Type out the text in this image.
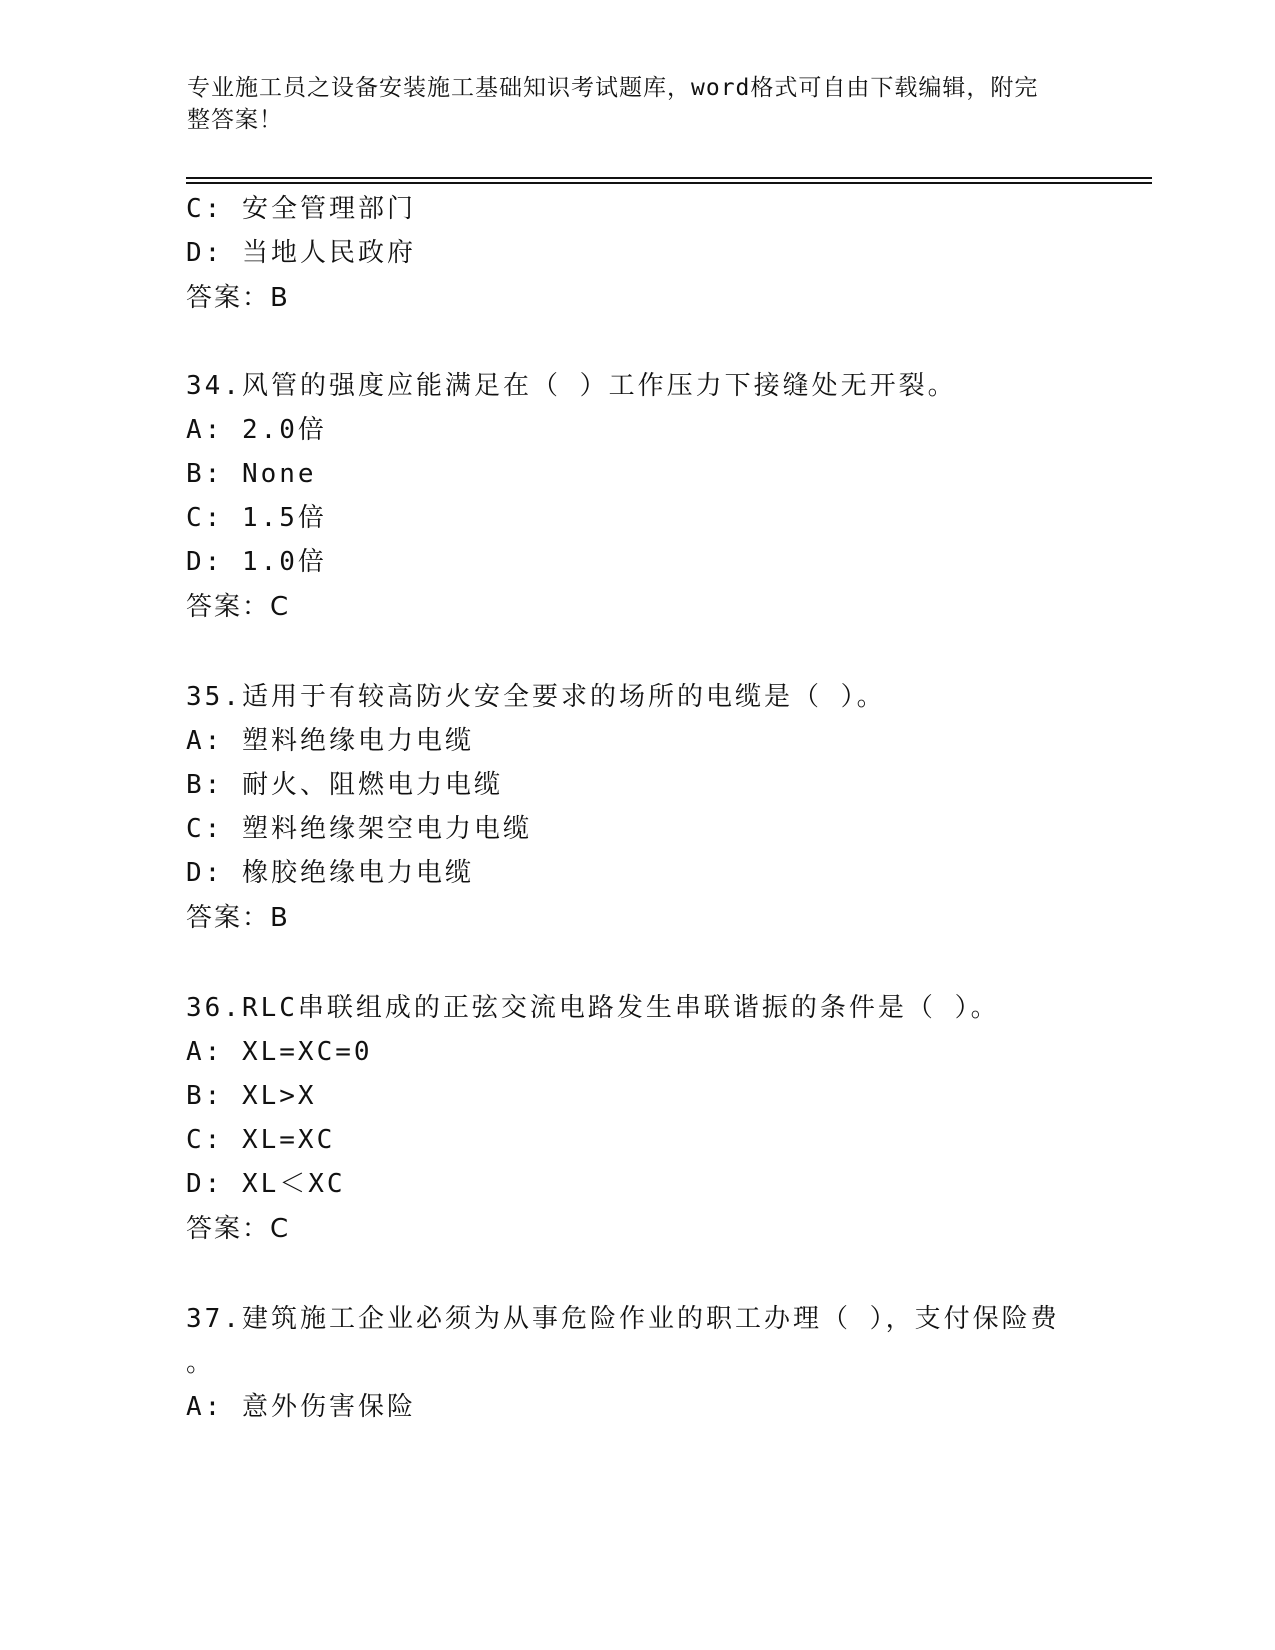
专业施工员之设备安装施工基础知识考试题库，word格式可自由下载编辑，附完
整答案！
C: 安全管理部门
D: 当地人民政府
答案：B
34.风管的强度应能满足在（ ）工作压力下接缝处无开裂。
A: 2.0倍
B: None
C: 1.5倍
D: 1.0倍
答案：C
35.适用于有较高防火安全要求的场所的电缆是（ ）。
A: 塑料绝缘电力电缆
B: 耐火、阻燃电力电缆
C: 塑料绝缘架空电力电缆
D: 橡胶绝缘电力电缆
答案：B
36.RLC串联组成的正弦交流电路发生串联谐振的条件是（ ）。
A: XL=XC=0
B: XL>X
C: XL=XC
D: XL＜XC
答案：C
37.建筑施工企业必须为从事危险作业的职工办理（ ），支付保险费
。
A: 意外伤害保险
